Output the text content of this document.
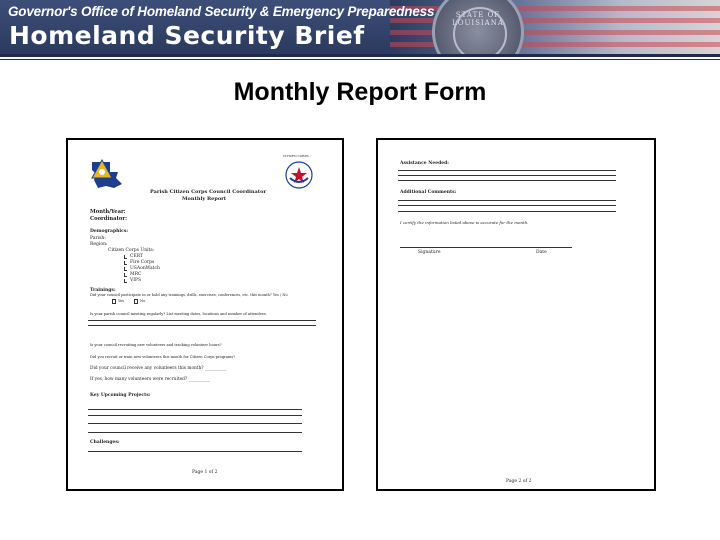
STATE OF LOUISIANA
Governor's Office of Homeland Security & Emergency Preparedness
Homeland Security Brief
Monthly Report Form
CITIZEN CORPS
Parish Citizen Corps Council Coordinator
Monthly Report
Month/Year:
Coordinator:
Demographics:
Parish:
Region:
Citizen Corps Units:
CERT
Fire Corps
USAonWatch
MRC
VIPS
Trainings:
Did your council participate in or hold any trainings, drills, exercises, conferences, etc. this month? Yes / No
Yes	No
Is your parish council meeting regularly? List meeting dates, locations and number of attendees.
Is your council recruiting new volunteers and tracking volunteer hours?
Did you recruit or train new volunteers this month for Citizen Corps programs?
Did your council receive any volunteers this month? __________
If yes, how many volunteers were recruited? __________
Key Upcoming Projects:
Challenges:
Page 1 of 2
Assistance Needed:
Additional Comments:
I certify the information listed above is accurate for the month.
Signature	Date
Page 2 of 2
